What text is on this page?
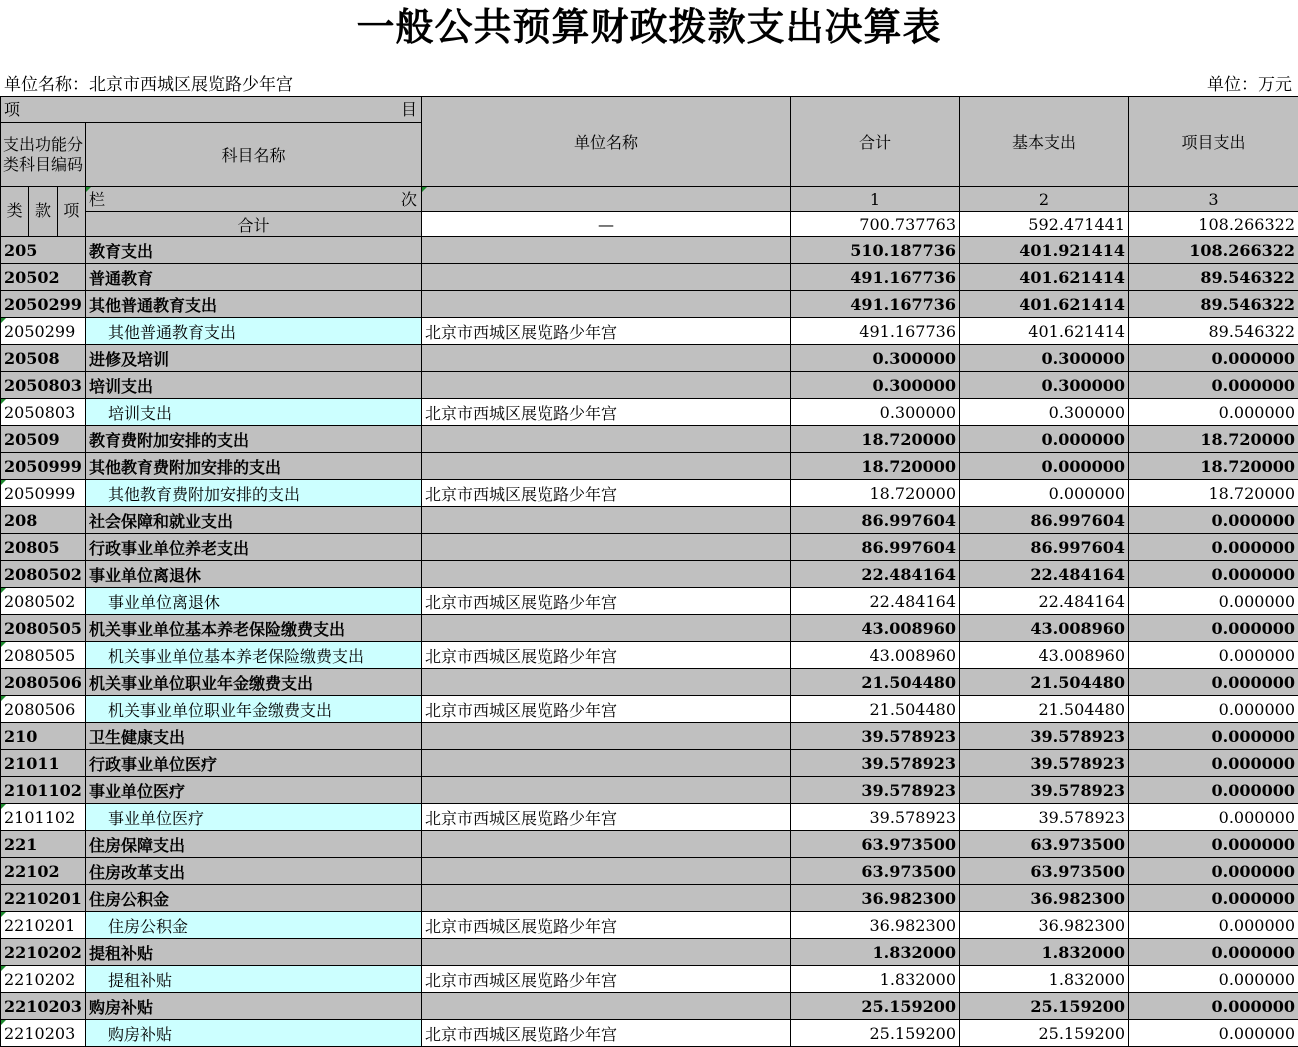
一般公共预算财政拨款支出决算表
单位名称：北京市西城区展览路少年宫	单位：万元
项 目		单位名称	合计	基本支出	项目支出
支出功能分类科目编码	科目名称				

类 款 项	栏 次		1	2	3
	合计	—	700.737763	592.471441	108.266322
205	教育支出		510.187736	401.921414	108.266322
20502	普通教育		491.167736	401.621414	89.546322
2050299	其他普通教育支出		491.167736	401.621414	89.546322
2050299	其他普通教育支出	北京市西城区展览路少年宫	491.167736	401.621414	89.546322
20508	进修及培训		0.300000	0.300000	0.000000
2050803	培训支出		0.300000	0.300000	0.000000
2050803	培训支出	北京市西城区展览路少年宫	0.300000	0.300000	0.000000
20509	教育费附加安排的支出		18.720000	0.000000	18.720000
2050999	其他教育费附加安排的支出		18.720000	0.000000	18.720000
2050999	其他教育费附加安排的支出	北京市西城区展览路少年宫	18.720000	0.000000	18.720000
208	社会保障和就业支出		86.997604	86.997604	0.000000
20805	行政事业单位养老支出		86.997604	86.997604	0.000000
2080502	事业单位离退休		22.484164	22.484164	0.000000
2080502	事业单位离退休	北京市西城区展览路少年宫	22.484164	22.484164	0.000000
2080505	机关事业单位基本养老保险缴费支出		43.008960	43.008960	0.000000
2080505	机关事业单位基本养老保险缴费支出	北京市西城区展览路少年宫	43.008960	43.008960	0.000000
2080506	机关事业单位职业年金缴费支出		21.504480	21.504480	0.000000
2080506	机关事业单位职业年金缴费支出	北京市西城区展览路少年宫	21.504480	21.504480	0.000000
210	卫生健康支出		39.578923	39.578923	0.000000
21011	行政事业单位医疗		39.578923	39.578923	0.000000
2101102	事业单位医疗		39.578923	39.578923	0.000000
2101102	事业单位医疗	北京市西城区展览路少年宫	39.578923	39.578923	0.000000
221	住房保障支出		63.973500	63.973500	0.000000
22102	住房改革支出		63.973500	63.973500	0.000000
2210201	住房公积金		36.982300	36.982300	0.000000
2210201	住房公积金	北京市西城区展览路少年宫	36.982300	36.982300	0.000000
2210202	提租补贴		1.832000	1.832000	0.000000
2210202	提租补贴	北京市西城区展览路少年宫	1.832000	1.832000	0.000000
2210203	购房补贴		25.159200	25.159200	0.000000
2210203	购房补贴	北京市西城区展览路少年宫	25.159200	25.159200	0.000000
